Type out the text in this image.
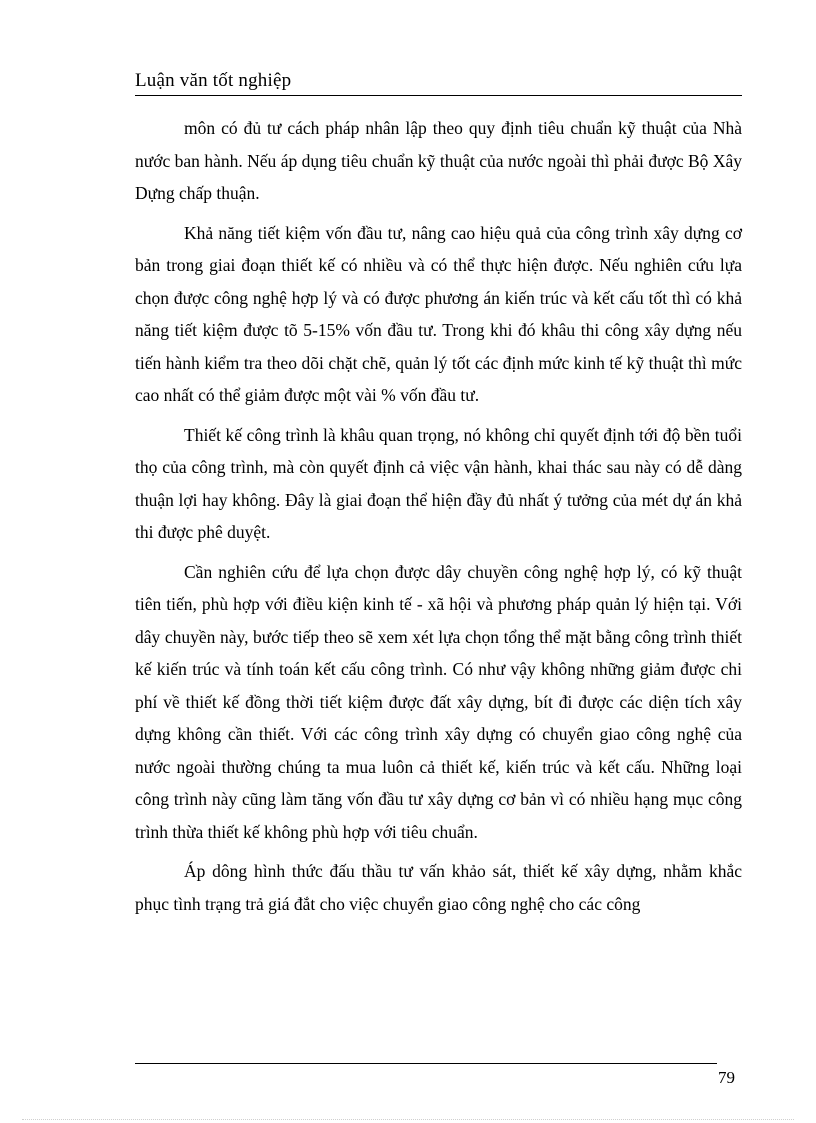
Luận văn tốt nghiệp

môn có đủ tư cách pháp nhân lập theo quy định tiêu chuẩn kỹ thuật của Nhà nước ban hành. Nếu áp dụng tiêu chuẩn kỹ thuật của nước ngoài thì phải được Bộ Xây Dựng chấp thuận.

Khả năng tiết kiệm vốn đầu tư, nâng cao hiệu quả của công trình xây dựng cơ bản trong giai đoạn thiết kế có nhiều và có thể thực hiện được. Nếu nghiên cứu lựa chọn được công nghệ hợp lý và có được phương án kiến trúc và kết cấu tốt thì có khả năng tiết kiệm được tõ 5-15% vốn đầu tư. Trong khi đó khâu thi công xây dựng nếu tiến hành kiểm tra theo dõi chặt chẽ, quản lý tốt các định mức kinh tế kỹ thuật thì mức cao nhất có thể giảm được một vài % vốn đầu tư.

Thiết kế công trình là khâu quan trọng, nó không chỉ quyết định tới độ bền tuổi thọ của công trình, mà còn quyết định cả việc vận hành, khai thác sau này có dễ dàng thuận lợi hay không. Đây là giai đoạn thể hiện đầy đủ nhất ý tưởng của mét dự án khả thi được phê duyệt.

Cần nghiên cứu để lựa chọn được dây chuyền công nghệ hợp lý, có kỹ thuật tiên tiến, phù hợp với điều kiện kinh tế - xã hội và phương pháp quản lý hiện tại. Với dây chuyền này, bước tiếp theo sẽ xem xét lựa chọn tổng thể mặt bằng công trình thiết kế kiến trúc và tính toán kết cấu công trình. Có như vậy không những giảm được chi phí về thiết kế đồng thời tiết kiệm được đất xây dựng, bít đi được các diện tích xây dựng không cần thiết. Với các công trình xây dựng có chuyển giao công nghệ của nước ngoài thường chúng ta mua luôn cả thiết kế, kiến trúc và kết cấu. Những loại công trình này cũng làm tăng vốn đầu tư xây dựng cơ bản vì có nhiều hạng mục công trình thừa thiết kế không phù hợp với tiêu chuẩn.

Áp dông hình thức đấu thầu tư vấn khảo sát, thiết kế xây dựng, nhằm khắc phục tình trạng trả giá đắt cho việc chuyển giao công nghệ cho các công

79
